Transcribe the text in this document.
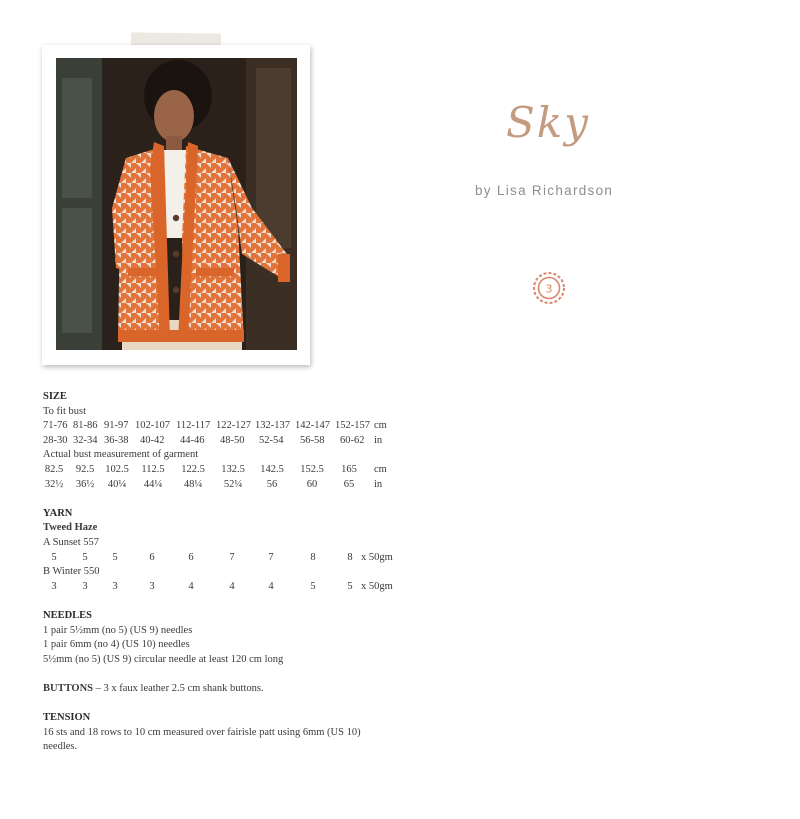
Sky
by Lisa Richardson
3
SIZE
To fit bust
71-76 81-86 91-97 102-107 112-117 122-127 132-137 142-147 152-157 cm
28-30 32-34 36-38 40-42 44-46 48-50 52-54 56-58 60-62 in
Actual bust measurement of garment
82.5	92.5	102.5	112.5	122.5	132.5	142.5	152.5	165	cm
32½	36½	40¼	44¼	48¼	52¼	56	60	65	in
YARN
Tweed Haze
A Sunset 557
5	5	5	6	6	7	7	8	8 x 50gm
B Winter 550
3	3	3	3	4	4	4	5	5 x 50gm
NEEDLES
1 pair 5½mm (no 5) (US 9) needles
1 pair 6mm (no 4) (US 10) needles
5½mm (no 5) (US 9) circular needle at least 120 cm long
BUTTONS – 3 x faux leather 2.5 cm shank buttons.
TENSION
16 sts and 18 rows to 10 cm measured over fairisle patt using 6mm (US 10)
needles.
